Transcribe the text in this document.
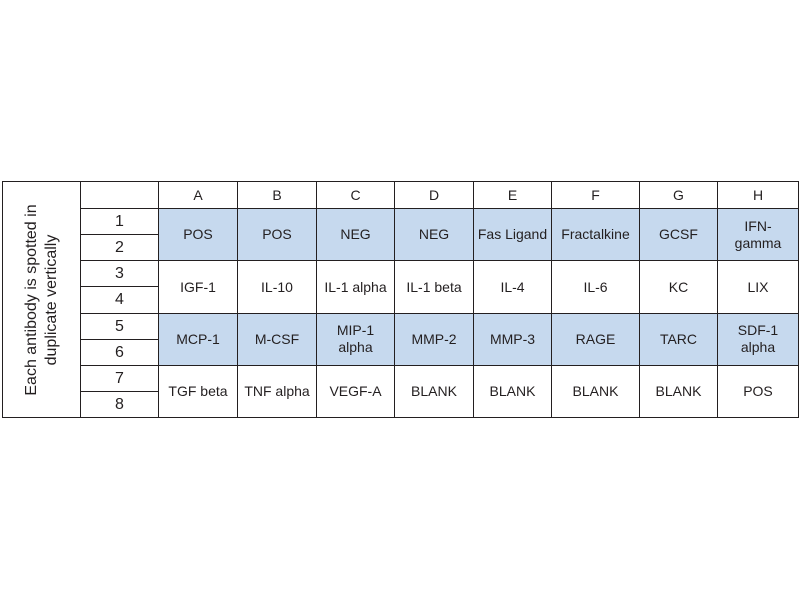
Each antibody is spotted in duplicate vertically		A	B	C	D	E	F	G	H
	1	POS	POS	NEG	NEG	Fas Ligand	Fractalkine	GCSF	IFN-gamma
	2								
	3	IGF-1	IL-10	IL-1 alpha	IL-1 beta	IL-4	IL-6	KC	LIX
	4								
	5	MCP-1	M-CSF	MIP-1 alpha	MMP-2	MMP-3	RAGE	TARC	SDF-1 alpha
	6								
	7	TGF beta	TNF alpha	VEGF-A	BLANK	BLANK	BLANK	BLANK	POS
	8								
